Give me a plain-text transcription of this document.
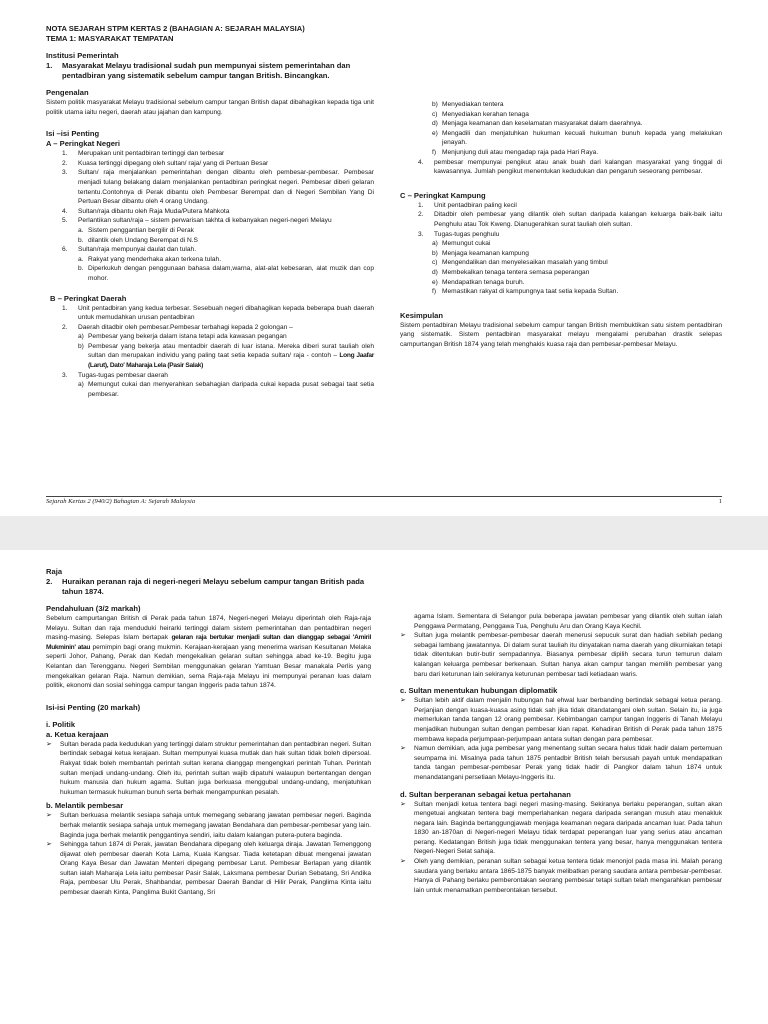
NOTA SEJARAH STPM KERTAS 2 (BAHAGIAN A: SEJARAH MALAYSIA)
TEMA 1: MASYARAKAT TEMPATAN
Institusi Pemerintah
1.	Masyarakat Melayu tradisional sudah pun mempunyai sistem pemerintahan dan pentadbiran yang sistematik sebelum campur tangan British. Bincangkan.
Pengenalan
Sistem politik masyarakat Melayu tradisional sebelum campur tangan British dapat dibahagikan kepada tiga unit politik utama iaitu negeri, daerah atau jajahan dan kampung.
Isi –isi Penting
A – Peringkat Negeri
1.	Merupakan unit pentadbiran tertinggi dan terbesar
2.	Kuasa tertinggi dipegang oleh sultan/ raja/ yang di Pertuan Besar
3.	Sultan/ raja menjalankan pemerintahan dengan dibantu oleh pembesar-pembesar. Pembesar menjadi tulang belakang dalam menjalankan pentadbiran peringkat negeri. Pembesar diberi gelaran tertentu.Contohnya di Perak dibantu oleh Pembesar Berempat dan di Negeri Sembilan Yang Di Pertuan Besar dibantu oleh 4 orang Undang.
4.	Sultan/raja dibantu oleh Raja Muda/Putera Mahkota
5.	Perlantikan sultan/raja – sistem perwarisan takhta di kebanyakan negeri-negeri Melayu
a. Sistem penggantian bergilir di Perak
b. dilantik oleh Undang Berempat di N.S
6.	Sultan/raja mempunyai daulat dan tulah.
a. Rakyat yang menderhaka akan terkena tulah.
b. Diperkukuh dengan penggunaan bahasa dalam,warna, alat-alat kebesaran, alat muzik dan cop mohor.
B – Peringkat Daerah
1.	Unit pentadbiran yang kedua terbesar. Sesebuah negeri dibahagikan kepada beberapa buah daerah untuk memudahkan urusan pentadbiran
2.	Daerah ditadbir oleh pembesar.Pembesar terbahagi kepada 2 golongan –
a) Pembesar yang bekerja dalam istana tetapi ada kawasan pegangan
b) Pembesar yang bekerja atau mentadbir daerah di luar istana. Mereka diberi surat tauliah oleh sultan dan merupakan individu yang paling taat setia kepada sultan/ raja - contoh – Long Jaafar (Larut), Dato' Maharaja Lela (Pasir Salak)
3.	Tugas-tugas pembesar daerah
a) Memungut cukai dan menyerahkan sebahagian daripada cukai kepada pusat sebagai taat setia pembesar.
b) Menyediakan tentera
c) Menyediakan kerahan tenaga
d) Menjaga keamanan dan keselamatan masyarakat dalam daerahnya.
e) Mengadili dan menjatuhkan hukuman kecuali hukuman bunuh kepada yang melakukan jenayah.
f) Menjunjung duli atau mengadap raja pada Hari Raya.
4.	pembesar mempunyai pengikut atau anak buah dari kalangan masyarakat yang tinggal di kawasannya. Jumlah pengikut menentukan kedudukan dan pengaruh seseorang pembesar.
C – Peringkat Kampung
1.	Unit pentadbiran paling kecil
2.	Ditadbir oleh pembesar yang dilantik oleh sultan daripada kalangan keluarga baik-baik iaitu Penghulu atau Tok Kweng. Dianugerahkan surat tauliah oleh sultan.
3.	Tugas-tugas penghulu
a) Memungut cukai
b) Menjaga keamanan kampung
c) Mengendalikan dan menyelesaikan masalah yang timbul
d) Membekalkan tenaga tentera semasa peperangan
e) Mendapatkan tenaga buruh.
f) Memastikan rakyat di kampungnya taat setia kepada Sultan.
Kesimpulan
Sistem pentadbiran Melayu tradisional sebelum campur tangan British membuktikan satu sistem pentadbiran yang sistematik. Sistem pentadbiran masyarakat melayu mengalami perubahan drastik selepas campurtangan British 1874 yang telah menghakis kuasa raja dan pembesar-pembesar Melayu.
Sejarah Kertas 2 (940/2) Bahagian A: Sejarah Malaysia	1
Raja
2.	Huraikan peranan raja di negeri-negeri Melayu sebelum campur tangan British pada tahun 1874.
Pendahuluan (3/2 markah)
Sebelum campurtangan British di Perak pada tahun 1874, Negeri-negeri Melayu diperintah oleh Raja-raja Melayu. Sultan dan raja menduduki heirarki tertinggi dalam sistem pemerintahan dan pentadbiran negeri masing-masing. Selepas Islam bertapak gelaran raja bertukar menjadi sultan dan dianggap sebagai 'Amiril Mukminin' atau pemimpin bagi orang mukmin. Kerajaan-kerajaan yang menerima warisan Kesultanan Melaka seperti Johor, Pahang, Perak dan Kedah mengekalkan gelaran sultan sehingga abad ke-19. Begitu juga Kelantan dan Terengganu. Negeri Sembilan menggunakan gelaran Yamtuan Besar manakala Perlis yang mengekalkan gelaran Raja. Namun demikian, sema Raja-raja Melayu ini mempunyai peranan luas dalam politik, ekonomi dan sosial sehingga campur tangan Inggeris pada tahun 1874.
Isi-isi Penting (20 markah)
i. Politik
a. Ketua kerajaan
➢	Sultan berada pada kedudukan yang tertinggi dalam struktur pemerintahan dan pentadbiran negeri. Sultan bertindak sebagai ketua kerajaan. Sultan mempunyai kuasa mutlak dan hak sultan tidak boleh dipersoal. Rakyat tidak boleh membantah perintah sultan kerana dianggap mengengkari perintah Tuhan. Perintah sultan menjadi undang-undang. Oleh itu, perintah sultan wajib dipatuhi walaupun bertentangan dengan hukum manusia dan hukum agama. Sultan juga berkuasa menggubal undang-undang, menjatuhkan hukuman termasuk hukuman bunuh serta berhak mengampunkan pesalah.
b. Melantik pembesar
➢	Sultan berkuasa melantik sesiapa sahaja untuk memegang sebarang jawatan pembesar negeri. Baginda berhak melantik sesiapa sahaja untuk memegang jawatan Bendahara dan pembesar-pembesar yang lain. Baginda juga berhak melantik penggantinya sendiri, iaitu dalam kalangan putera-putera baginda.
➢	Sehingga tahun 1874 di Perak, jawatan Bendahara dipegang oleh keluarga diraja. Jawatan Temenggong dijawat oleh pembesar daerah Kota Lama, Kuala Kangsar. Tiada ketetapan dibuat mengenai jawatan Orang Kaya Besar dan Jawatan Menteri dipegang pembesar Larut. Pembesar Berlapan yang dilantik sultan ialah Maharaja Lela iaitu pembesar Pasir Salak, Laksmana pembesar Durian Sebatang, Sri Andika Raja, pembesar Ulu Perak, Shahbandar, pembesar Daerah Bandar di Hilir Perak, Panglima Kinta iaitu pembesar daerah Kinta, Panglima Bukit Gantang, Sri
agama Islam. Sementara di Selangor pula beberapa jawatan pembesar yang dilantik oleh sultan ialah Penggawa Permatang, Penggawa Tua, Penghulu Aru dan Orang Kaya Kechil.
➢	Sultan juga melantik pembesar-pembesar daerah menerusi sepucuk surat dan hadiah sebilah pedang sebagai lambang jawatannya. Di dalam surat tauliah itu dinyatakan nama daerah yang dikurniakan tetapi tidak ditentukan butir-butir sempadannya. Biasanya pembesar dipilih secara turun temurun dalam kalangan keluarga pembesar berkenaan. Sultan hanya akan campur tangan memilih pembesar yang baru dari keturunan lain sekiranya keturunan pembesar tadi ketiadaan waris.
c. Sultan menentukan hubungan diplomatik
➢	Sultan lebih aktif dalam menjalin hubungan hal ehwal luar berbanding bertindak sebagai ketua perang. Perjanjian dengan kuasa-kuasa asing tidak sah jika tidak ditandatangani oleh sultan. Selain itu, ia juga memerlukan tanda tangan 12 orang pembesar. Kebimbangan campur tangan Inggeris di Tanah Melayu menjadikan hubungan sultan dengan pembesar kian rapat. Kehadiran British di Perak pada tahun 1875 membawa kepada perjumpaan-perjumpaan antara sultan dengan para pembesar.
➢	Namun demikian, ada juga pembesar yang menentang sultan secara halus tidak hadir dalam pertemuan seumpama ini. Misalnya pada tahun 1875 pentadbir British telah bersusah payah untuk mendapatkan tanda tangan pembesar-pembesar Perak yang tidak hadir di Pangkor dalam tahun 1874 untuk menandatangani persetiaan Melayu-Inggeris itu.
d. Sultan berperanan sebagai ketua pertahanan
➢	Sultan menjadi ketua tentera bagi negeri masing-masing. Sekiranya berlaku peperangan, sultan akan mengetuai angkatan tentera bagi memperlahankan negara daripada serangan musuh atau menakluk negara lain. Baginda bertanggungjawab menjaga keamanan negara daripada ancaman luar. Pada tahun 1830 an-1870an di Negeri-negeri Melayu tidak terdapat peperangan luar yang serius atau ancaman perang. Kedatangan British juga tidak menggunakan tentera yang besar, hanya menggunakan tentera Negeri-Negeri Selat sahaja.
➢	Oleh yang demikian, peranan sultan sebagai ketua tentera tidak menonjol pada masa ini. Malah perang saudara yang berlaku antara 1865-1875 banyak melibatkan perang saudara antara pembesar-pembesar. Hanya di Pahang berlaku pemberontakan seorang pembesar tetapi sultan telah mengarahkan pembesar lain untuk menamatkan pemberontakan tersebut.
